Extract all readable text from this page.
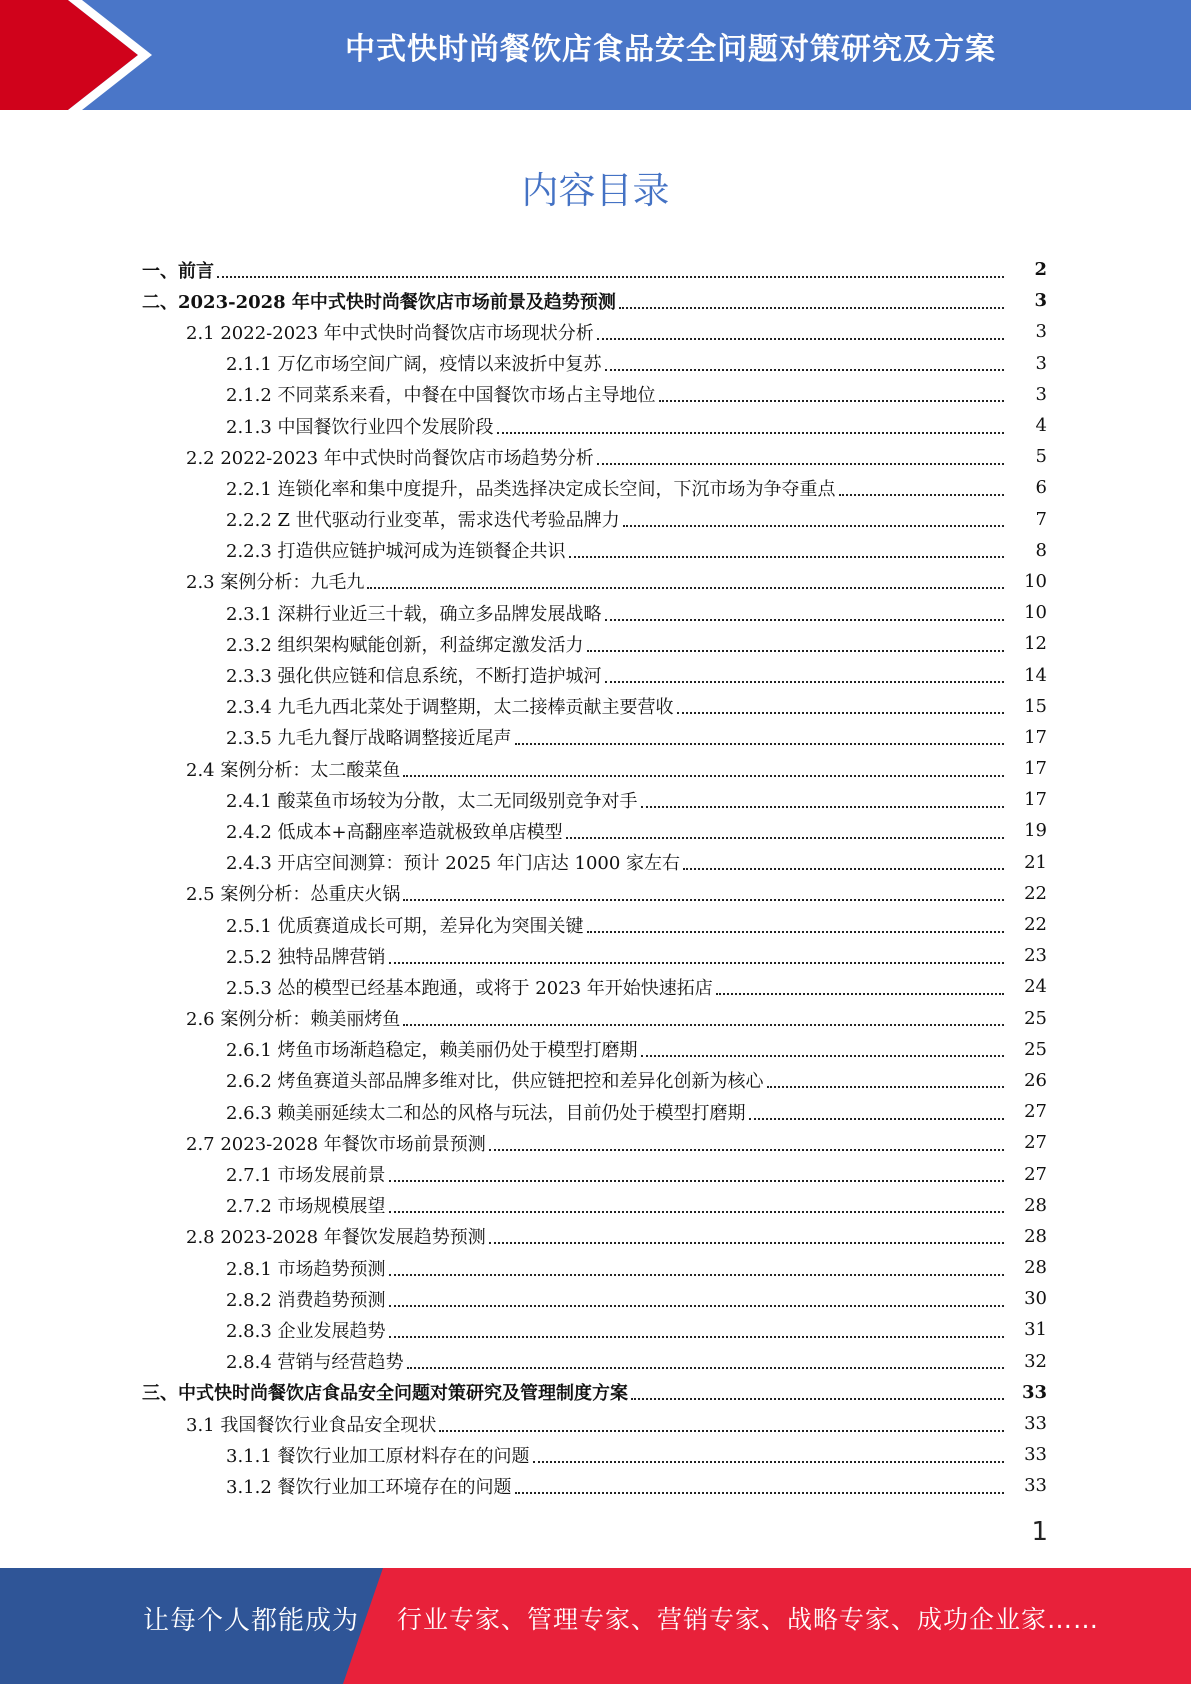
中式快时尚餐饮店食品安全问题对策研究及方案
内容目录
一、前言	2
二、2023-2028 年中式快时尚餐饮店市场前景及趋势预测	3
2.1 2022-2023 年中式快时尚餐饮店市场现状分析	3
2.1.1 万亿市场空间广阔，疫情以来波折中复苏	3
2.1.2 不同菜系来看，中餐在中国餐饮市场占主导地位	3
2.1.3 中国餐饮行业四个发展阶段	4
2.2 2022-2023 年中式快时尚餐饮店市场趋势分析	5
2.2.1 连锁化率和集中度提升，品类选择决定成长空间，下沉市场为争夺重点	6
2.2.2 Z 世代驱动行业变革，需求迭代考验品牌力	7
2.2.3 打造供应链护城河成为连锁餐企共识	8
2.3 案例分析：九毛九	10
2.3.1 深耕行业近三十载，确立多品牌发展战略	10
2.3.2 组织架构赋能创新，利益绑定激发活力	12
2.3.3 强化供应链和信息系统，不断打造护城河	14
2.3.4 九毛九西北菜处于调整期，太二接棒贡献主要营收	15
2.3.5 九毛九餐厅战略调整接近尾声	17
2.4 案例分析：太二酸菜鱼	17
2.4.1 酸菜鱼市场较为分散，太二无同级别竞争对手	17
2.4.2 低成本+高翻座率造就极致单店模型	19
2.4.3 开店空间测算：预计 2025 年门店达 1000 家左右	21
2.5 案例分析：怂重庆火锅	22
2.5.1 优质赛道成长可期，差异化为突围关键	22
2.5.2 独特品牌营销	23
2.5.3 怂的模型已经基本跑通，或将于 2023 年开始快速拓店	24
2.6 案例分析：赖美丽烤鱼	25
2.6.1 烤鱼市场渐趋稳定，赖美丽仍处于模型打磨期	25
2.6.2 烤鱼赛道头部品牌多维对比，供应链把控和差异化创新为核心	26
2.6.3 赖美丽延续太二和怂的风格与玩法，目前仍处于模型打磨期	27
2.7 2023-2028 年餐饮市场前景预测	27
2.7.1 市场发展前景	27
2.7.2 市场规模展望	28
2.8 2023-2028 年餐饮发展趋势预测	28
2.8.1 市场趋势预测	28
2.8.2 消费趋势预测	30
2.8.3 企业发展趋势	31
2.8.4 营销与经营趋势	32
三、中式快时尚餐饮店食品安全问题对策研究及管理制度方案	33
3.1 我国餐饮行业食品安全现状	33
3.1.1 餐饮行业加工原材料存在的问题	33
3.1.2 餐饮行业加工环境存在的问题	33
1
让每个人都能成为 行业专家、管理专家、营销专家、战略专家、成功企业家……
